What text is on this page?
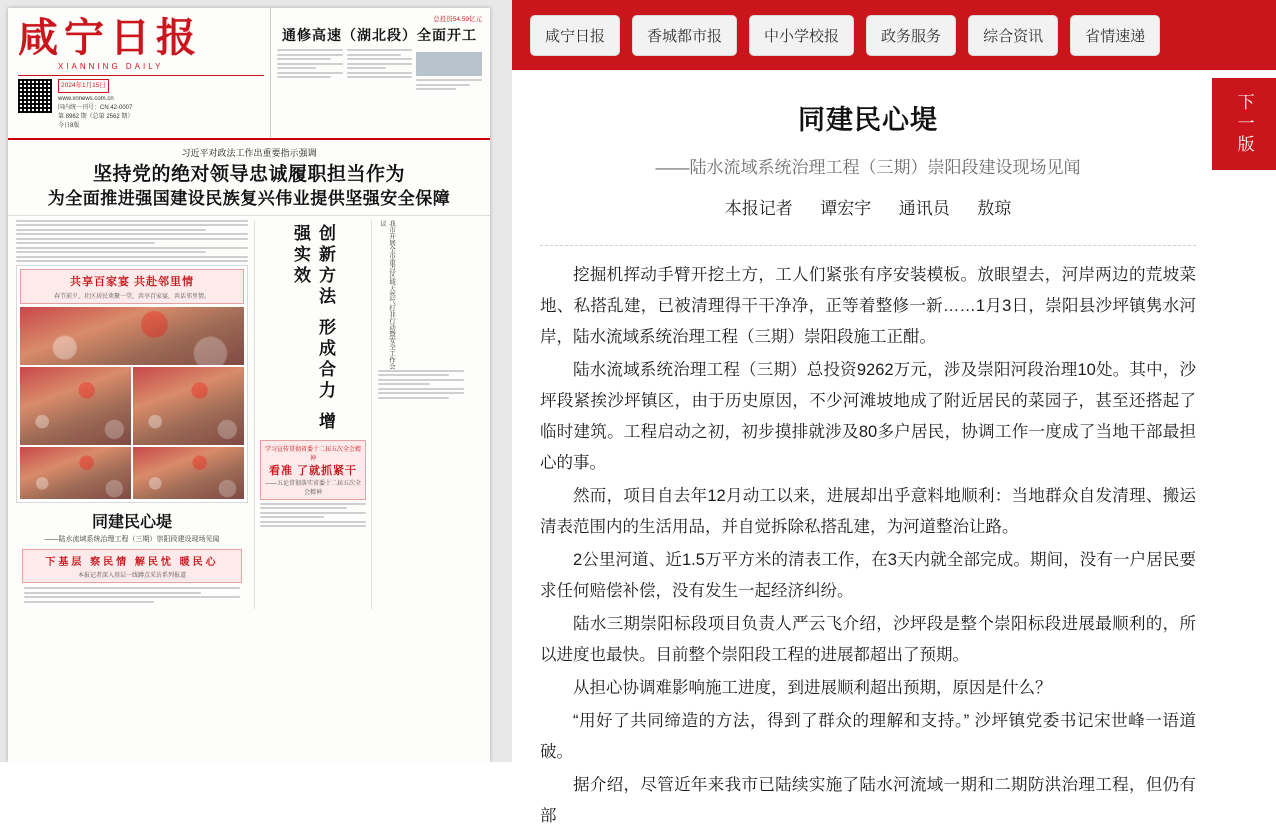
咸宁日报
XIANNING DAILY
2024年1月15日
www.xnnews.com.cn
国内统一刊号：CN 42-0007
第 8962 期（总第 2562 期）
今日8版
总投资54.59亿元
通修高速（湖北段）全面开工
习近平对政法工作出重要指示强调
坚持党的绝对领导忠诚履职担当作为
为全面推进强国建设民族复兴伟业提供坚强安全保障
共享百家宴 共赴邻里情
春节前夕，社区居民欢聚一堂，共享百家宴，共话邻里情。
同建民心堤
——陆水流域系统治理工程（三期）崇阳段建设现场见闻
下基层 察民情 解民忧 暖民心
本报记者深入基层一线蹲点采访系列报道
创新方法 形成合力 增强实效
学习宣传贯彻省委十二届五次全会精神
看准 了就抓紧干
——五论贯彻落实省委十二届五次全会精神
我市开展全市重点区域天然气打非行动暨安全工作会议
咸宁日报	香城都市报	中小学校报	政务服务	综合资讯	省情速递
下一版
同建民心堤
——陆水流域系统治理工程（三期）崇阳段建设现场见闻
本报记者 谭宏宇 通讯员 敖琼

挖掘机挥动手臂开挖土方，工人们紧张有序安装模板。放眼望去，河岸两边的荒坡菜地、私搭乱建，已被清理得干干净净，正等着整修一新……1月3日，崇阳县沙坪镇隽水河岸，陆水流域系统治理工程（三期）崇阳段施工正酣。

陆水流域系统治理工程（三期）总投资9262万元，涉及崇阳河段治理10处。其中，沙坪段紧挨沙坪镇区，由于历史原因，不少河滩坡地成了附近居民的菜园子，甚至还搭起了临时建筑。工程启动之初，初步摸排就涉及80多户居民，协调工作一度成了当地干部最担心的事。

然而，项目自去年12月动工以来，进展却出乎意料地顺利：当地群众自发清理、搬运清表范围内的生活用品，并自觉拆除私搭乱建，为河道整治让路。

2公里河道、近1.5万平方米的清表工作，在3天内就全部完成。期间，没有一户居民要求任何赔偿补偿，没有发生一起经济纠纷。

陆水三期崇阳标段项目负责人严云飞介绍，沙坪段是整个崇阳标段进展最顺利的，所以进度也最快。目前整个崇阳段工程的进展都超出了预期。

从担心协调难影响施工进度，到进展顺利超出预期，原因是什么？

“用好了共同缔造的方法，得到了群众的理解和支持。” 沙坪镇党委书记宋世峰一语道破。

据介绍，尽管近年来我市已陆续实施了陆水河流域一期和二期防洪治理工程，但仍有部
